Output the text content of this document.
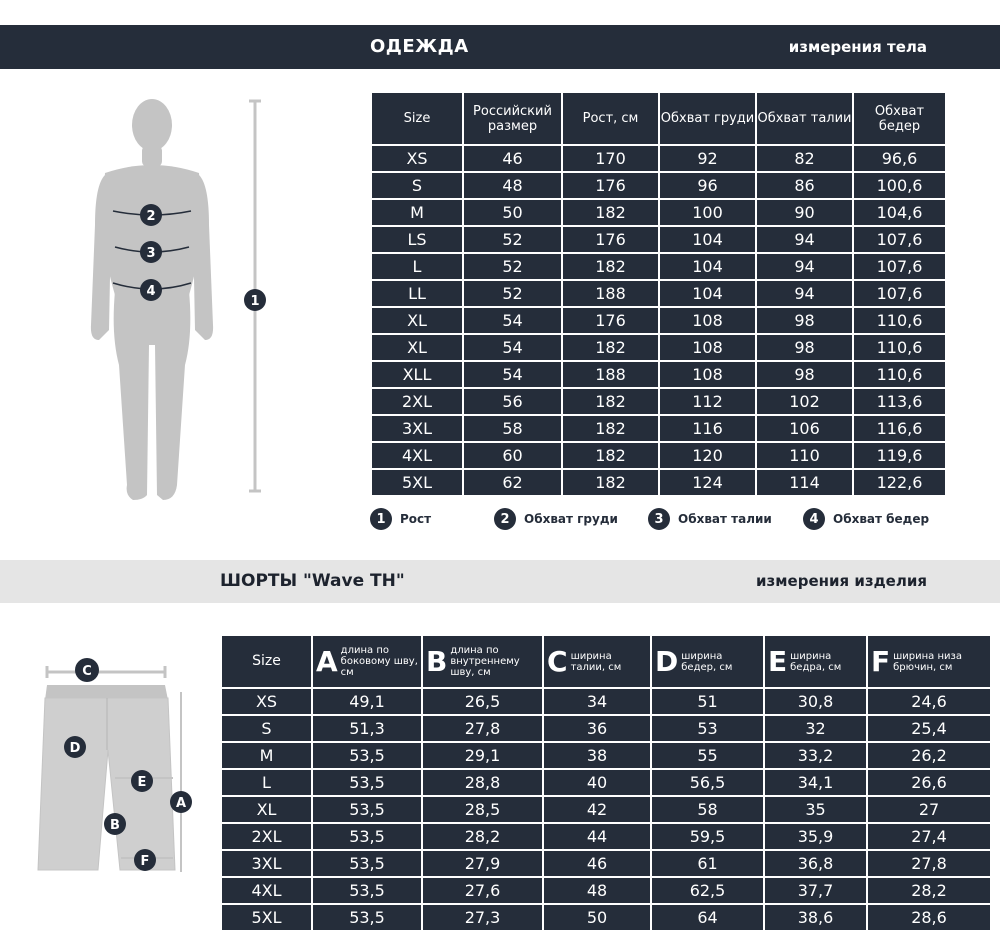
ОДЕЖДА	измерения тела
2
3
4
1
Size	Российский размер	Рост, см	Обхват груди	Обхват талии	Обхват бедер
XS	46	170	92	82	96,6
S	48	176	96	86	100,6
M	50	182	100	90	104,6
LS	52	176	104	94	107,6
L	52	182	104	94	107,6
LL	52	188	104	94	107,6
XL	54	176	108	98	110,6
XL	54	182	108	98	110,6
XLL	54	188	108	98	110,6
2XL	56	182	112	102	113,6
3XL	58	182	116	106	116,6
4XL	60	182	120	110	119,6
5XL	62	182	124	114	122,6
1	Рост	2	Обхват груди	3	Обхват талии	4	Обхват бедер
ШОРТЫ "Wave TH"	измерения изделия
C
A
D
E
B
F
Size	A длина по боковому шву, см	B длина по внутреннему шву, см	C ширина талии, см	D ширина бедер, см	E ширина бедра, см	F ширина низа брючин, см

XS	49,1	26,5	34	51	30,8	24,6
S	51,3	27,8	36	53	32	25,4
M	53,5	29,1	38	55	33,2	26,2
L	53,5	28,8	40	56,5	34,1	26,6
XL	53,5	28,5	42	58	35	27
2XL	53,5	28,2	44	59,5	35,9	27,4
3XL	53,5	27,9	46	61	36,8	27,8
4XL	53,5	27,6	48	62,5	37,7	28,2
5XL	53,5	27,3	50	64	38,6	28,6
